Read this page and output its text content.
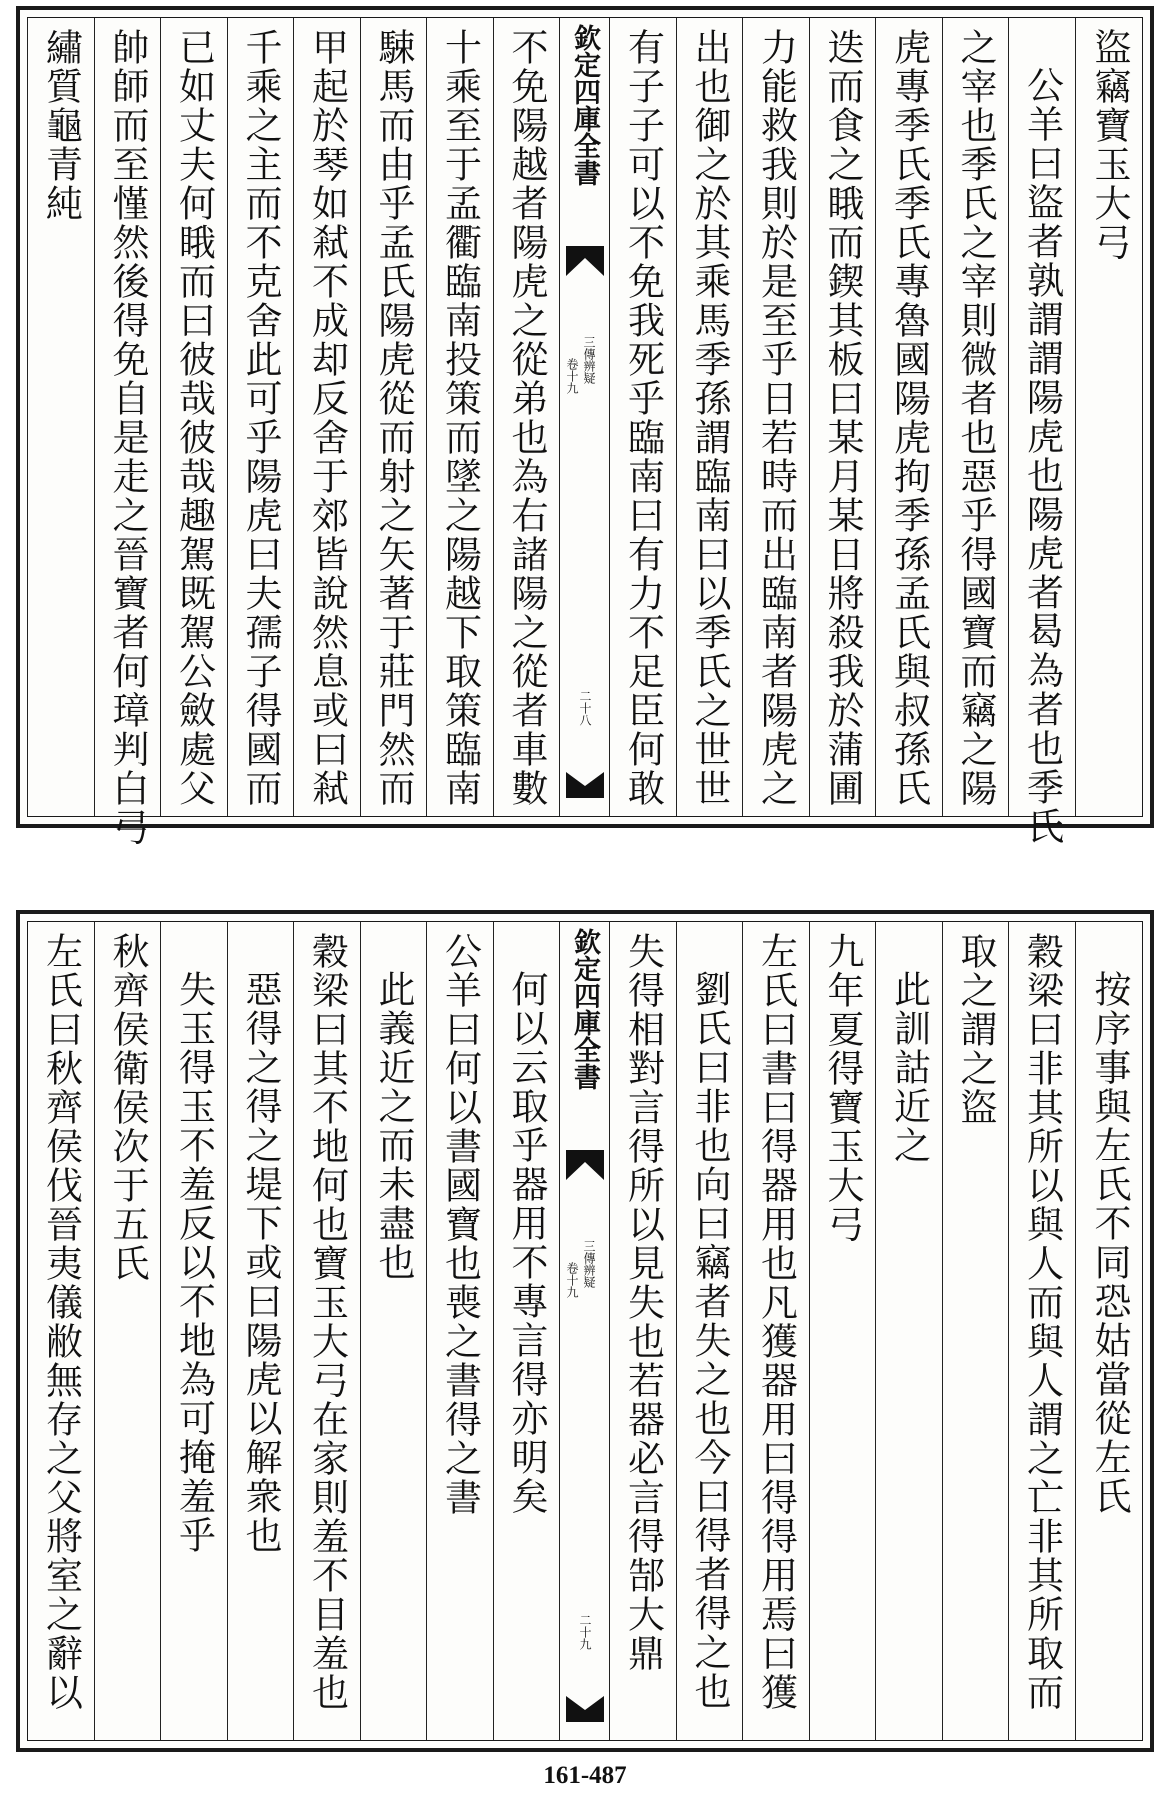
盜竊寶玉大弓
公羊曰盜者孰謂謂陽虎也陽虎者曷為者也季氏
之宰也季氏之宰則微者也惡乎得國寶而竊之陽
虎專季氏季氏專魯國陽虎拘季孫孟氏與叔孫氏
迭而食之睋而鍥其板曰某月某日將殺我於蒲圃
力能救我則於是至乎日若時而出臨南者陽虎之
出也御之於其乘馬季孫謂臨南曰以季氏之世世
有子子可以不免我死乎臨南曰有力不足臣何敢
欽定四庫全書
三傳辨疑
卷十九
二十八
不免陽越者陽虎之從弟也為右諸陽之從者車數
十乘至于孟衢臨南投策而墜之陽越下取策臨南
駷馬而由乎孟氏陽虎從而射之矢著于莊門然而
甲起於琴如弒不成却反舍于郊皆說然息或曰弒
千乘之主而不克舍此可乎陽虎曰夫孺子得國而
已如丈夫何睋而曰彼哉彼哉趣駕既駕公斂處父
帥師而至慬然後得免自是走之晉寶者何璋判白弓
繡質龜青純
按序事與左氏不同恐姑當從左氏
穀梁曰非其所以與人而與人謂之亡非其所取而
取之謂之盜
此訓詁近之
九年夏得寶玉大弓
左氏曰書曰得器用也凡獲器用曰得得用焉曰獲
劉氏曰非也向曰竊者失之也今曰得者得之也
失得相對言得所以見失也若器必言得郜大鼎
欽定四庫全書
三傳辨疑
卷十九
二十九
何以云取乎器用不專言得亦明矣
公羊曰何以書國寶也喪之書得之書
此義近之而未盡也
穀梁曰其不地何也寶玉大弓在家則羞不目羞也
惡得之得之堤下或曰陽虎以解衆也
失玉得玉不羞反以不地為可掩羞乎
秋齊侯衛侯次于五氏
左氏曰秋齊侯伐晉夷儀敝無存之父將室之辭以
161-487
